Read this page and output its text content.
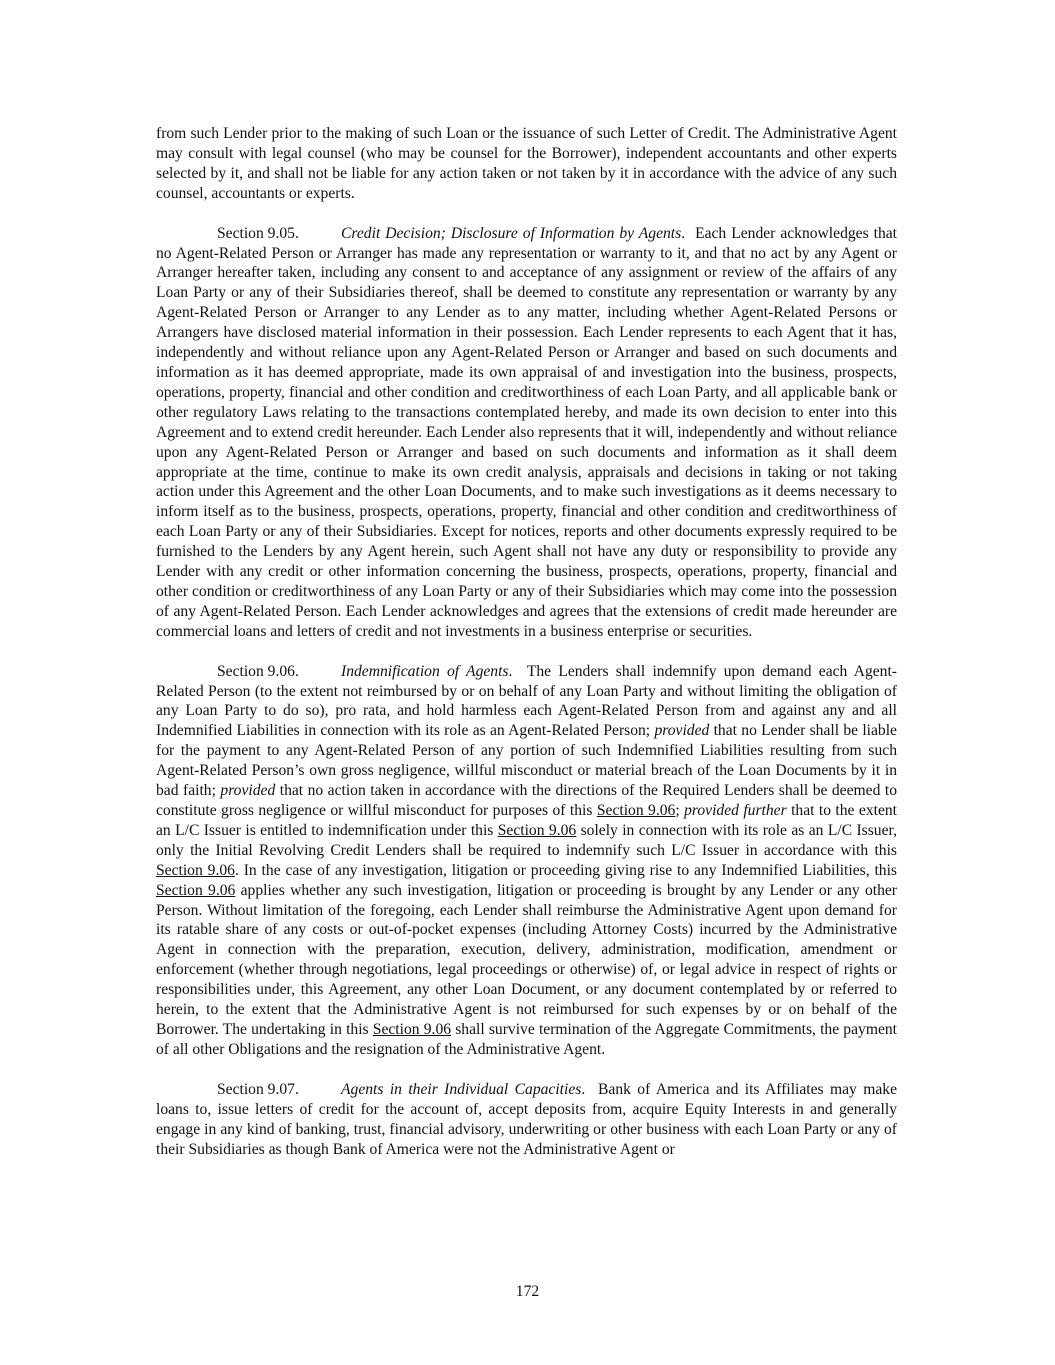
from such Lender prior to the making of such Loan or the issuance of such Letter of Credit. The Administrative Agent may consult with legal counsel (who may be counsel for the Borrower), independent accountants and other experts selected by it, and shall not be liable for any action taken or not taken by it in accordance with the advice of any such counsel, accountants or experts.

Section 9.05.	Credit Decision; Disclosure of Information by Agents.  Each Lender acknowledges that no Agent-Related Person or Arranger has made any representation or warranty to it, and that no act by any Agent or Arranger hereafter taken, including any consent to and acceptance of any assignment or review of the affairs of any Loan Party or any of their Subsidiaries thereof, shall be deemed to constitute any representation or warranty by any Agent-Related Person or Arranger to any Lender as to any matter, including whether Agent-Related Persons or Arrangers have disclosed material information in their possession. Each Lender represents to each Agent that it has, independently and without reliance upon any Agent-Related Person or Arranger and based on such documents and information as it has deemed appropriate, made its own appraisal of and investigation into the business, prospects, operations, property, financial and other condition and creditworthiness of each Loan Party, and all applicable bank or other regulatory Laws relating to the transactions contemplated hereby, and made its own decision to enter into this Agreement and to extend credit hereunder. Each Lender also represents that it will, independently and without reliance upon any Agent-Related Person or Arranger and based on such documents and information as it shall deem appropriate at the time, continue to make its own credit analysis, appraisals and decisions in taking or not taking action under this Agreement and the other Loan Documents, and to make such investigations as it deems necessary to inform itself as to the business, prospects, operations, property, financial and other condition and creditworthiness of each Loan Party or any of their Subsidiaries. Except for notices, reports and other documents expressly required to be furnished to the Lenders by any Agent herein, such Agent shall not have any duty or responsibility to provide any Lender with any credit or other information concerning the business, prospects, operations, property, financial and other condition or creditworthiness of any Loan Party or any of their Subsidiaries which may come into the possession of any Agent-Related Person. Each Lender acknowledges and agrees that the extensions of credit made hereunder are commercial loans and letters of credit and not investments in a business enterprise or securities.

Section 9.06.	Indemnification of Agents.  The Lenders shall indemnify upon demand each Agent-Related Person (to the extent not reimbursed by or on behalf of any Loan Party and without limiting the obligation of any Loan Party to do so), pro rata, and hold harmless each Agent-Related Person from and against any and all Indemnified Liabilities in connection with its role as an Agent-Related Person; provided that no Lender shall be liable for the payment to any Agent-Related Person of any portion of such Indemnified Liabilities resulting from such Agent-Related Person’s own gross negligence, willful misconduct or material breach of the Loan Documents by it in bad faith; provided that no action taken in accordance with the directions of the Required Lenders shall be deemed to constitute gross negligence or willful misconduct for purposes of this Section 9.06; provided further that to the extent an L/C Issuer is entitled to indemnification under this Section 9.06 solely in connection with its role as an L/C Issuer, only the Initial Revolving Credit Lenders shall be required to indemnify such L/C Issuer in accordance with this Section 9.06. In the case of any investigation, litigation or proceeding giving rise to any Indemnified Liabilities, this Section 9.06 applies whether any such investigation, litigation or proceeding is brought by any Lender or any other Person. Without limitation of the foregoing, each Lender shall reimburse the Administrative Agent upon demand for its ratable share of any costs or out-of-pocket expenses (including Attorney Costs) incurred by the Administrative Agent in connection with the preparation, execution, delivery, administration, modification, amendment or enforcement (whether through negotiations, legal proceedings or otherwise) of, or legal advice in respect of rights or responsibilities under, this Agreement, any other Loan Document, or any document contemplated by or referred to herein, to the extent that the Administrative Agent is not reimbursed for such expenses by or on behalf of the Borrower. The undertaking in this Section 9.06 shall survive termination of the Aggregate Commitments, the payment of all other Obligations and the resignation of the Administrative Agent.

Section 9.07.	Agents in their Individual Capacities.  Bank of America and its Affiliates may make loans to, issue letters of credit for the account of, accept deposits from, acquire Equity Interests in and generally engage in any kind of banking, trust, financial advisory, underwriting or other business with each Loan Party or any of their Subsidiaries as though Bank of America were not the Administrative Agent or

172
